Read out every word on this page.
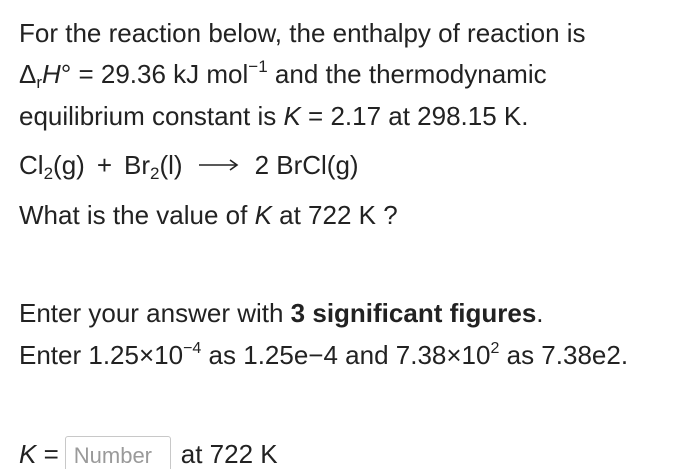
For the reaction below, the enthalpy of reaction is
$\Delta_rH^\circ = 29.36$ kJ mol$^{-1}$ and the thermodynamic
equilibrium constant is K = 2.17 at 298.15 K.
$Cl_2(g) + Br_2(l) \to 2$ BrCl(g)
What is the value of K at 722 K ?
Enter your answer with 3 significant figures.
Enter $1.25\times 10^{-4}$ as 1.25e−4 and $7.38\times 10^2$ as 7.38e2.
K =Number	at 722 K
